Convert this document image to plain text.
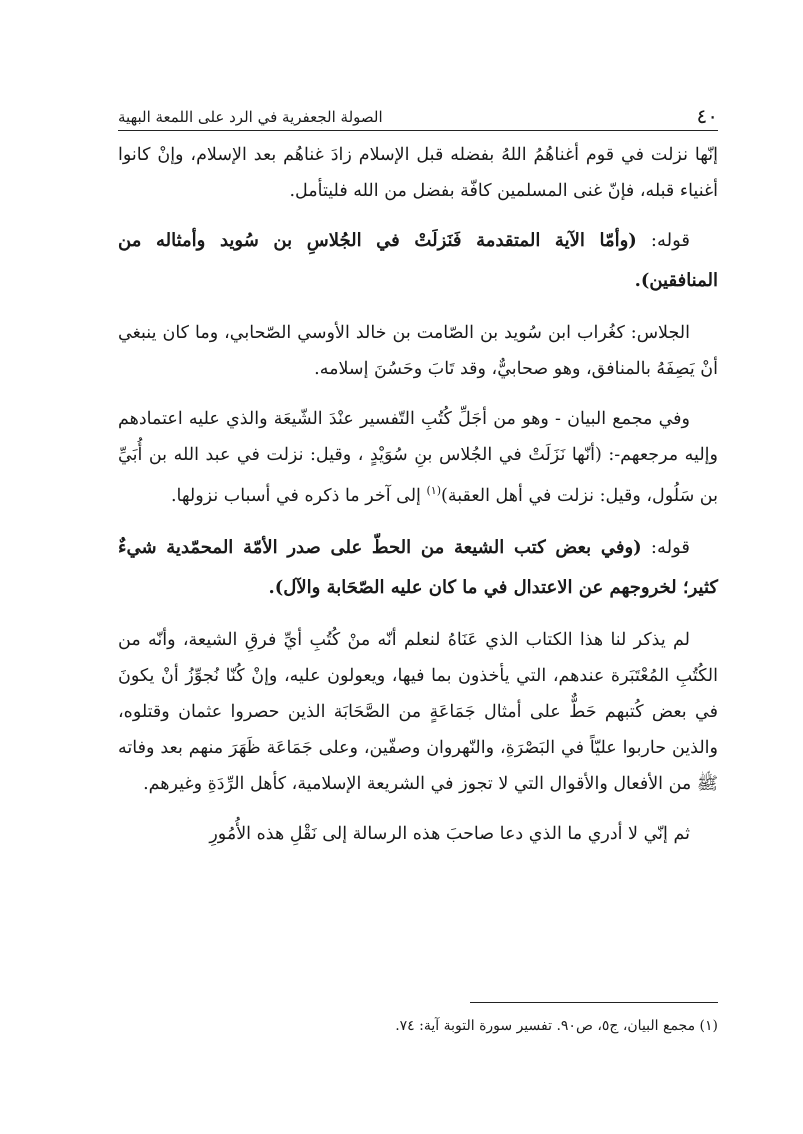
٤٠
الصولة الجعفرية في الرد على اللمعة البهية

إنّها نزلت في قوم أغناهُمُ اللهُ بفضله قبل الإسلام زادَ غناهُم بعد الإسلام، وإنْ كانوا أغنياء قبله، فإنّ غنى المسلمين كافّة بفضل من الله فليتأمل.

قوله: (وأمّا الآية المتقدمة فَنَزلَتْ في الجُلاسِ بن سُويد وأمثاله من المنافقين).

الجلاس: كغُراب ابن سُويد بن الصّامت بن خالد الأوسي الصّحابي، وما كان ينبغي أنْ يَصِفَهُ بالمنافق، وهو صحابيٌّ، وقد تَابَ وحَسُنَ إسلامه.

وفي مجمع البيان - وهو من أجَلِّ كُتُبِ التّفسير عنْدَ الشّيعَة والذي عليه اعتمادهم وإليه مرجعهم-: (أنّها نَزَلَتْ في الجُلاس بنِ سُوَيْدٍ ، وقيل: نزلت في عبد الله بن أُبَيِّ بن سَلُول، وقيل: نزلت في أهل العقبة)$^{(١)}$ إلى آخر ما ذكره في أسباب نزولها.

قوله: (وفي بعض كتب الشيعة من الحطّ على صدر الأمّة المحمّدية شيءٌ كثير؛ لخروجهم عن الاعتدال في ما كان عليه الصّحَابة والآل).

لم يذكر لنا هذا الكتاب الذي عَنَاهُ لنعلم أنّه منْ كُتُبِ أيِّ فرقِ الشيعة، وأنّه من الكُتُبِ المُعْتَبَرة عندهم، التي يأخذون بما فيها، ويعولون عليه، وإنْ كُنّا نُجوِّزُ أنْ يكونَ في بعض كُتبهم حَطٌّ على أمثال جَمَاعَةٍ من الصَّحَابَة الذين حصروا عثمان وقتلوه، والذين حاربوا عليّاً في البَصْرَةِ، والنّهروان وصفّين، وعلى جَمَاعَة ظَهَرَ منهم بعد وفاته ﷺ من الأفعال والأقوال التي لا تجوز في الشريعة الإسلامية، كأهل الرِّدَةِ وغيرهم.

ثم إنّي لا أدري ما الذي دعا صاحبَ هذه الرسالة إلى نَقْلِ هذه الأُمُورِ

(١) مجمع البيان، ج٥، ص٩٠. تفسير سورة التوبة آية: ٧٤.
